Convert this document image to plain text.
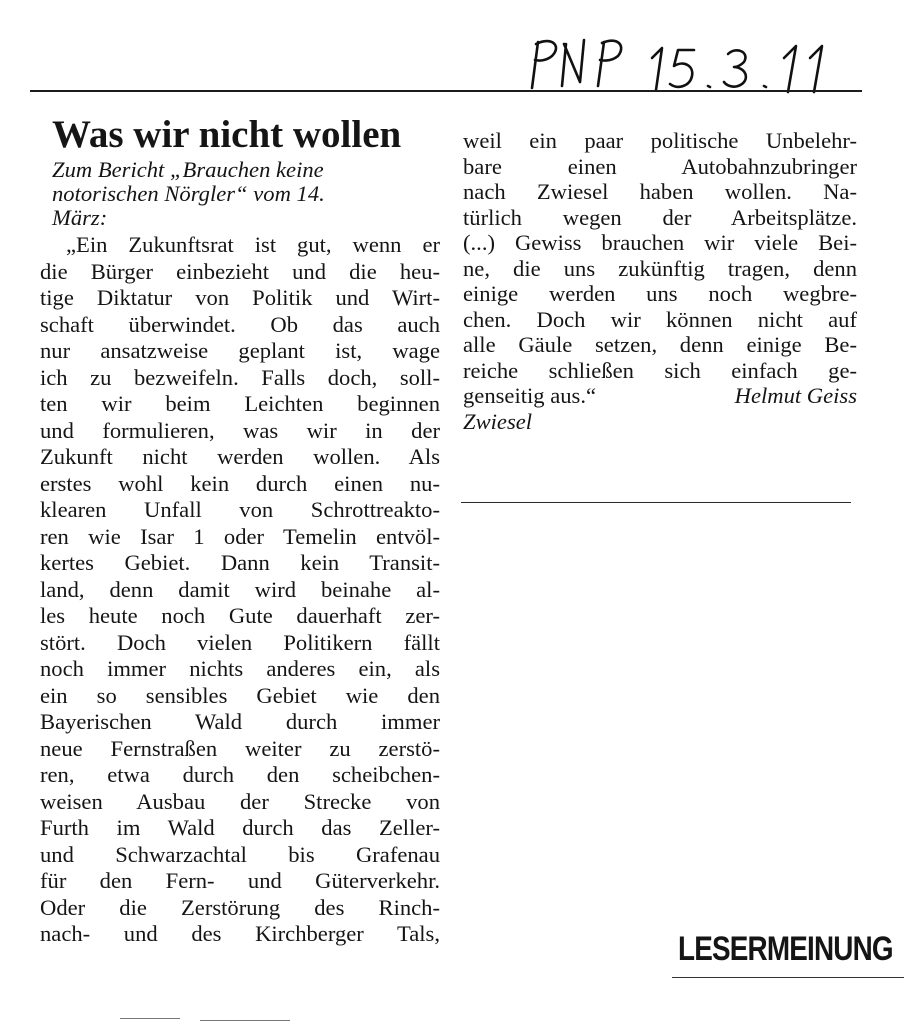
Was wir nicht wollen
Zum Bericht „Brauchen keine
notorischen Nörgler“ vom 14.
März:
„Ein Zukunftsrat ist gut, wenn er
die Bürger einbezieht und die heu-
tige Diktatur von Politik und Wirt-
schaft überwindet. Ob das auch
nur ansatzweise geplant ist, wage
ich zu bezweifeln. Falls doch, soll-
ten wir beim Leichten beginnen
und formulieren, was wir in der
Zukunft nicht werden wollen. Als
erstes wohl kein durch einen nu-
klearen Unfall von Schrottreakto-
ren wie Isar 1 oder Temelin entvöl-
kertes Gebiet. Dann kein Transit-
land, denn damit wird beinahe al-
les heute noch Gute dauerhaft zer-
stört. Doch vielen Politikern fällt
noch immer nichts anderes ein, als
ein so sensibles Gebiet wie den
Bayerischen Wald durch immer
neue Fernstraßen weiter zu zerstö-
ren, etwa durch den scheibchen-
weisen Ausbau der Strecke von
Furth im Wald durch das Zeller-
und Schwarzachtal bis Grafenau
für den Fern- und Güterverkehr.
Oder die Zerstörung des Rinch-
nach- und des Kirchberger Tals,
weil ein paar politische Unbelehr-
bare einen Autobahnzubringer
nach Zwiesel haben wollen. Na-
türlich wegen der Arbeitsplätze.
(...) Gewiss brauchen wir viele Bei-
ne, die uns zukünftig tragen, denn
einige werden uns noch wegbre-
chen. Doch wir können nicht auf
alle Gäule setzen, denn einige Be-
reiche schließen sich einfach ge-
genseitig aus.“	Helmut Geiss
Zwiesel
LESERMEINUNG
